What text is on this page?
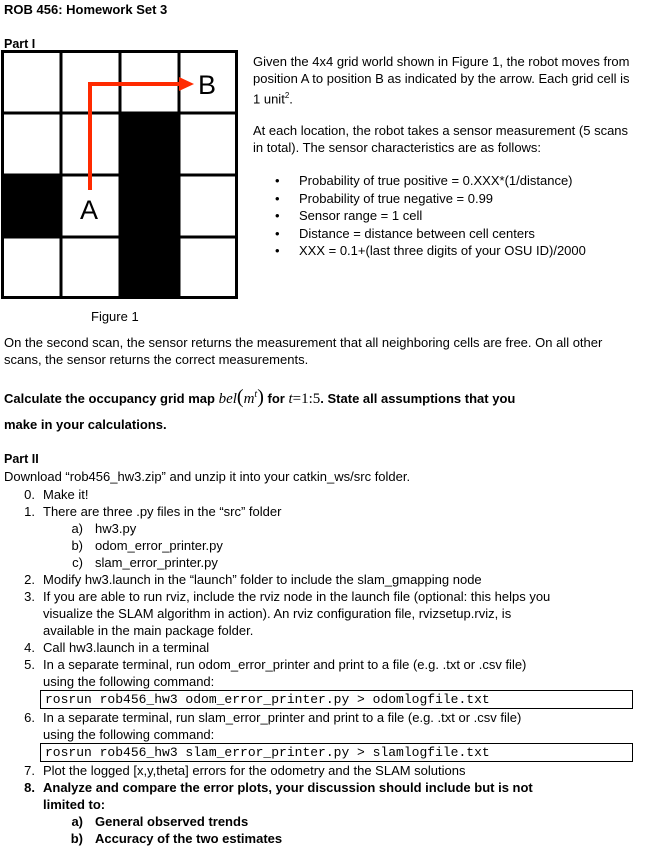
ROB 456: Homework Set 3
Part I
B
A
Figure 1
Given the 4x4 grid world shown in Figure 1, the robot moves from position A to position B as indicated by the arrow. Each grid cell is 1 unit$^2$.
At each location, the robot takes a sensor measurement (5 scans in total). The sensor characteristics are as follows:
• Probability of true positive = 0.XXX*(1/distance)
• Probability of true negative = 0.99
• Sensor range = 1 cell
• Distance = distance between cell centers
• XXX = 0.1+(last three digits of your OSU ID)/2000
On the second scan, the sensor returns the measurement that all neighboring cells are free. On all other scans, the sensor returns the correct measurements.
Calculate the occupancy grid map $bel(m^t)$ for t=1:5. State all assumptions that you
make in your calculations.
Part II
Download “rob456_hw3.zip” and unzip it into your catkin_ws/src folder.
0. Make it!
1. There are three .py files in the “src” folder
a) hw3.py
b) odom_error_printer.py
c) slam_error_printer.py
2. Modify hw3.launch in the “launch” folder to include the slam_gmapping node
3. If you are able to run rviz, include the rviz node in the launch file (optional: this helps you
visualize the SLAM algorithm in action). An rviz configuration file, rvizsetup.rviz, is
available in the main package folder.
4. Call hw3.launch in a terminal
5. In a separate terminal, run odom_error_printer and print to a file (e.g. .txt or .csv file)
using the following command:
rosrun rob456_hw3 odom_error_printer.py > odomlogfile.txt
6. In a separate terminal, run slam_error_printer and print to a file (e.g. .txt or .csv file)
using the following command:
rosrun rob456_hw3 slam_error_printer.py > slamlogfile.txt
7. Plot the logged [x,y,theta] errors for the odometry and the SLAM solutions
8. Analyze and compare the error plots, your discussion should include but is not
limited to:
a) General observed trends
b) Accuracy of the two estimates
